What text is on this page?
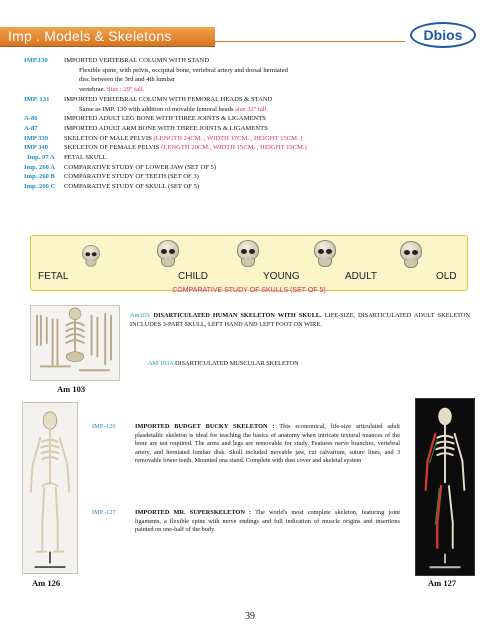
Imp . Models & Skeletons	Dbios
IMP.130	IMPORTED VERTEBRAL COLUMN WITH STAND
Flexible spine, with pelvis, occipital bone, vertebral artery and dorsal herniated
disc between the 3rd and 4th lumbar
vertebrae. Size : 29" tall.
IMP. 131	IMPORTED VERTEBRAL COLUMN WITH FEMORAL HEADS & STAND
Same as IMP. 130 with addition of movable femoral heads size 32" tall
A-86	IMPORTED ADULT LEG BONE WITH THREE JOINTS & LIGAMENTS
A-87	IMPORTED ADULT ARM BONE WITH THREE JOINTS & LIGAMENTS
IMP 339	SKELETON OF MALE PELVIS (LENGTH 24CM. , WIDTH 17CM. , HEIGHT 15CM. )
IMP 340	SKELETON OF FEMALE PELVIS (LENGTH 20CM., WIDTH 15CM. , HEIGHT 19CM.)
Imp. 97 A	FETAL SKULL
Imp. 260 A	COMPARATIVE STUDY OF LOWER JAW (SET OF 5)
Imp. 260 B	COMPARATIVE STUDY OF TEETH (SET OF 3)
Imp. 260 C	COMPARATIVE STUDY OF SKULL (SET OF 5)
FETAL	CHILD	YOUNG	ADULT	OLD
COMPARATIVE STUDY OF SKULLS (SET OF 5)
Am 103
Am103. DISARTICULATED HUMAN SKELETON WITH SKULL. LIFE-SIZE, DISARTICULATED ADULT SKELETON INCLUDES 3-PART SKULL, LEFT HAND AND LEFT FOOT ON WIRE.
AM 103A DISARTICULATED MUSCULAR SKELETON
Am 126
IMP.-126	IMPORTED BUDGET BUCKY SKELETON : This economical, life-size articulated adult plasdetaltic skeleton is ideal for teaching the basics of anatomy when intricate textural nuances of the bone are not required. The arms and legs are removable for study. Features nerve branches, vertebral artery, and herniated lumbar disk. Skull included movable jaw, cut calvarium, suture lines, and 3 removable lower teeth. Mounted ona stand. Complete with dust cover and skeletal system
IMP.-127	IMPORTED MR. SUPERSKELETON : The world's most complete skeleton, featuring joint ligaments, a flexible spine with nerve endings and full indication of muscle origins and insertions painted on one-half of the body.
Am 127
39
